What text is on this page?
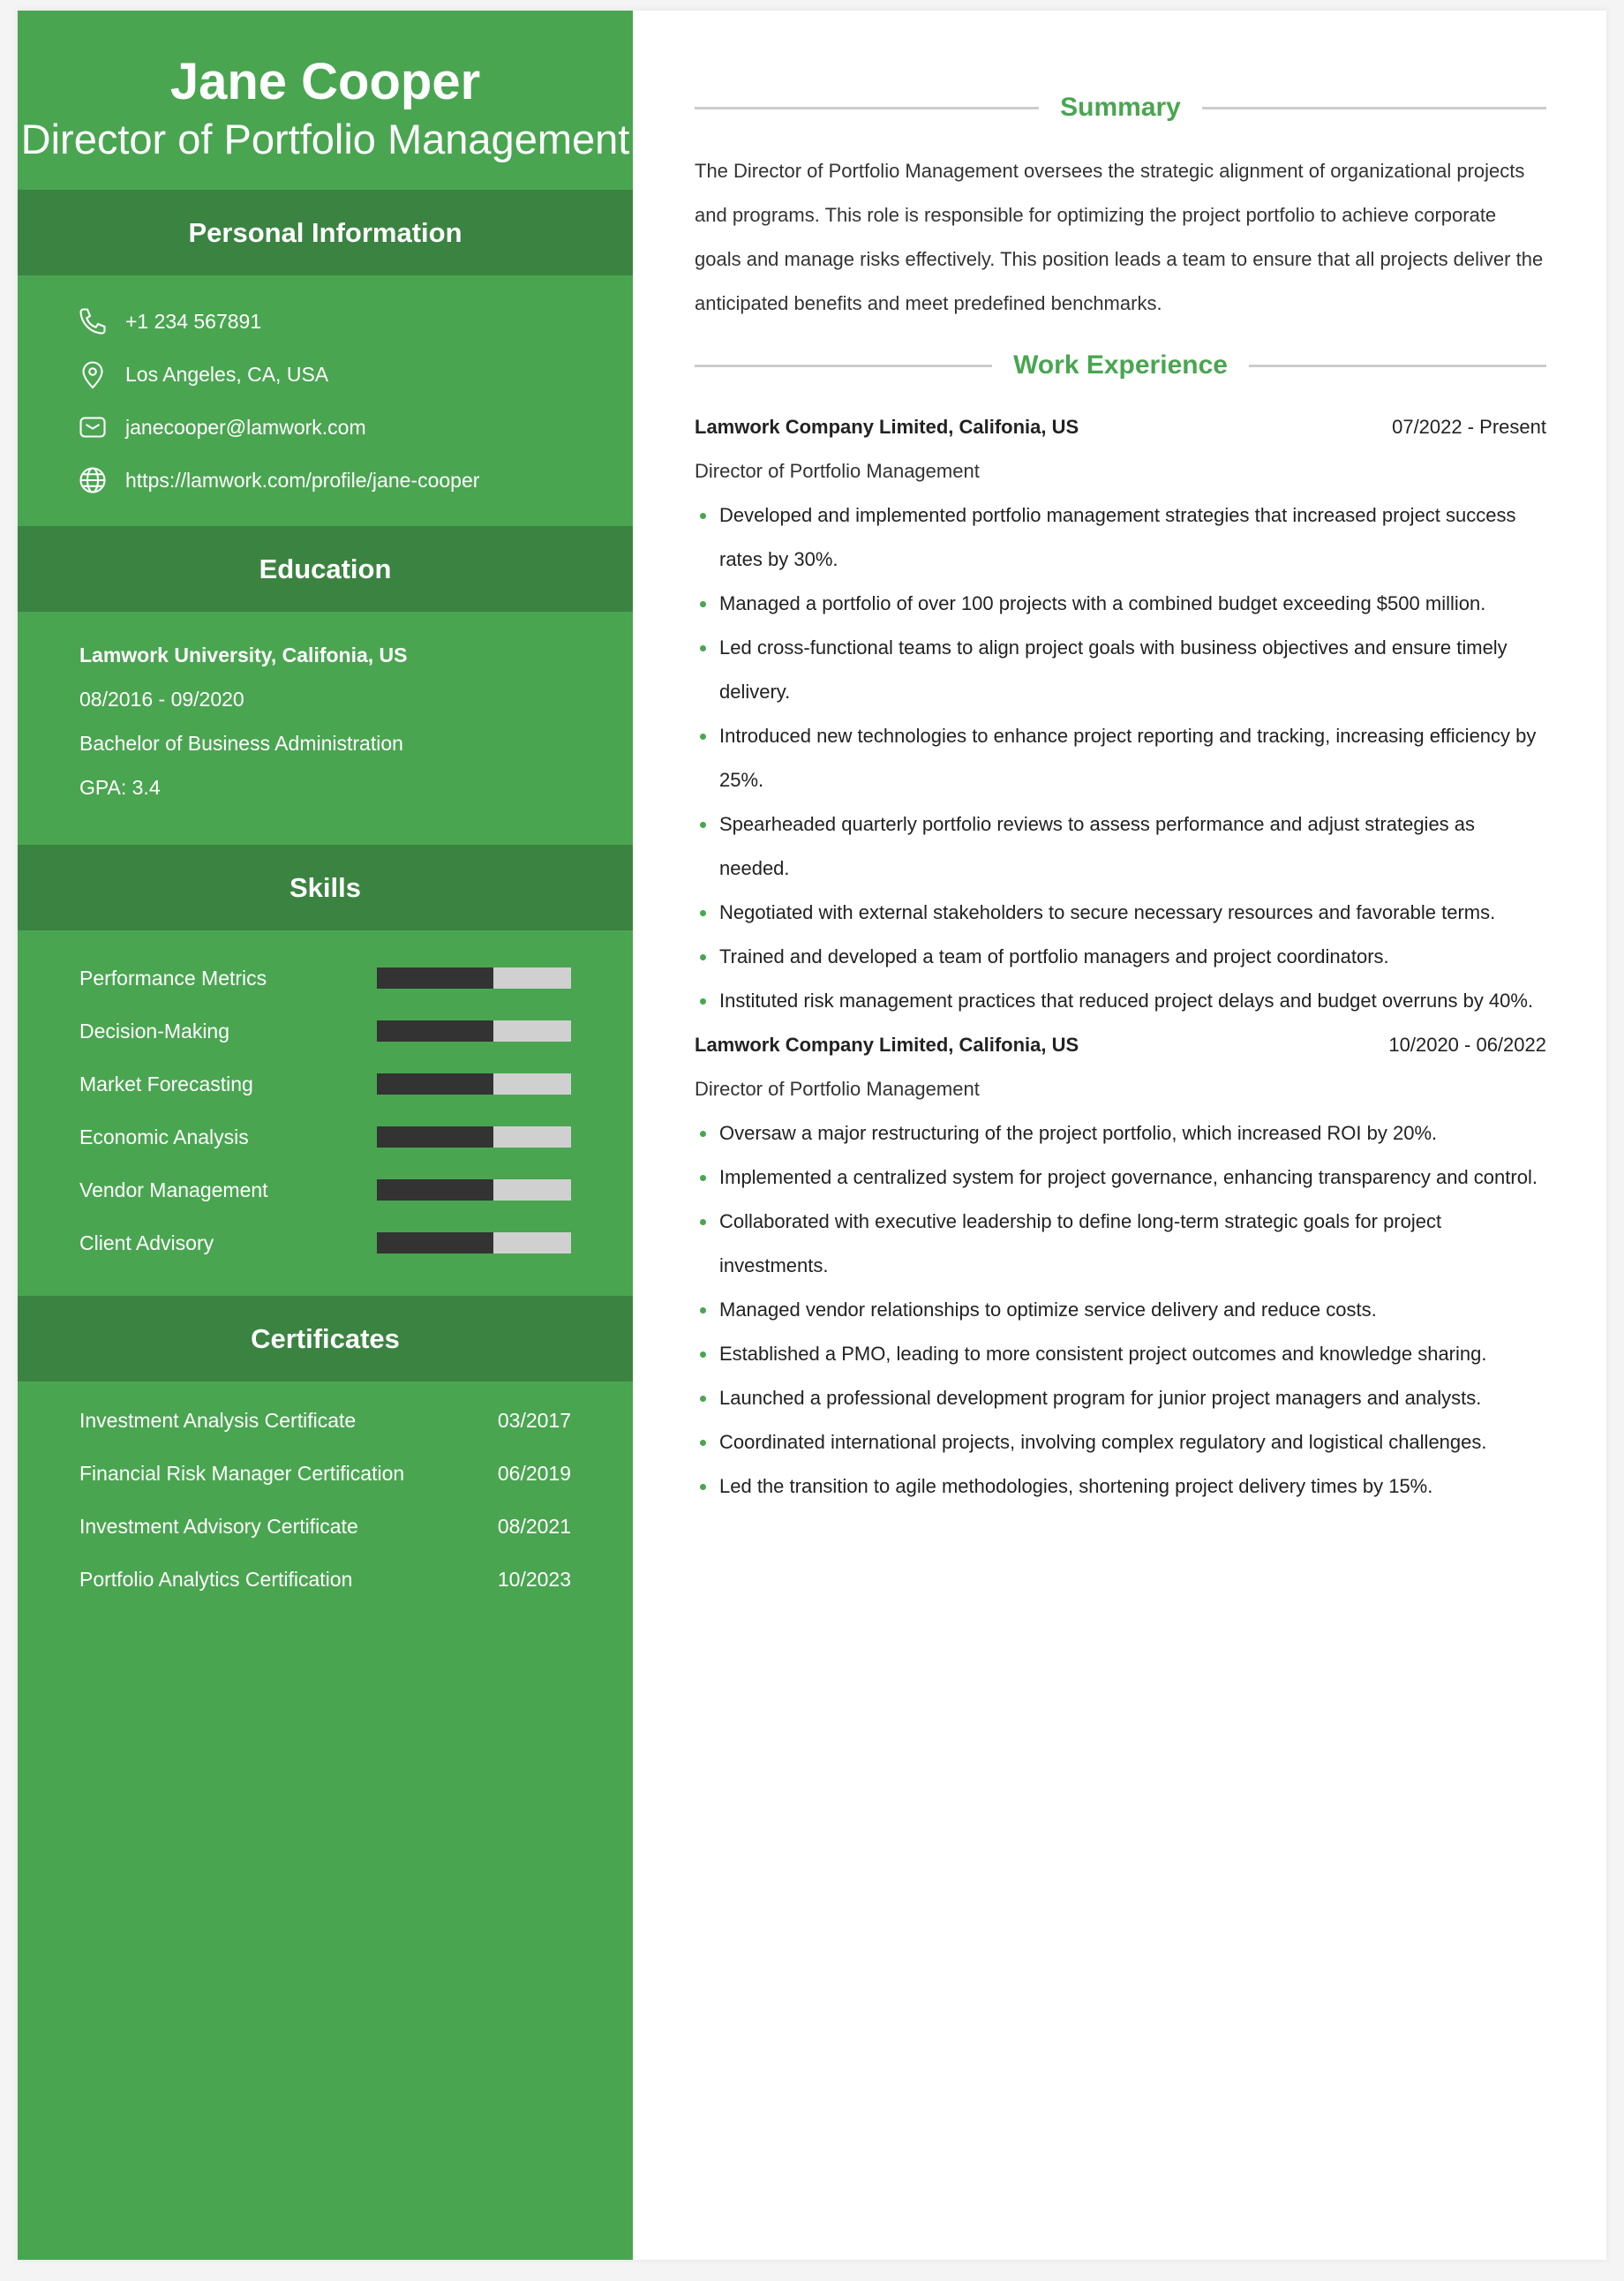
Jane Cooper
Director of Portfolio Management
Personal Information
+1 234 567891
Los Angeles, CA, USA
janecooper@lamwork.com
https://lamwork.com/profile/jane-cooper
Education
Lamwork University, Califonia, US
08/2016 - 09/2020
Bachelor of Business Administration
GPA: 3.4
Skills
Performance Metrics
Decision-Making
Market Forecasting
Economic Analysis
Vendor Management
Client Advisory
Certificates
Investment Analysis Certificate	03/2017
Financial Risk Manager Certification	06/2019
Investment Advisory Certificate	08/2021
Portfolio Analytics Certification	10/2023
Summary
The Director of Portfolio Management oversees the strategic alignment of organizational projects and programs. This role is responsible for optimizing the project portfolio to achieve corporate goals and manage risks effectively. This position leads a team to ensure that all projects deliver the anticipated benefits and meet predefined benchmarks.
Work Experience
Lamwork Company Limited, Califonia, US	07/2022 - Present
Director of Portfolio Management
Developed and implemented portfolio management strategies that increased project success rates by 30%.
Managed a portfolio of over 100 projects with a combined budget exceeding $500 million.
Led cross-functional teams to align project goals with business objectives and ensure timely delivery.
Introduced new technologies to enhance project reporting and tracking, increasing efficiency by 25%.
Spearheaded quarterly portfolio reviews to assess performance and adjust strategies as needed.
Negotiated with external stakeholders to secure necessary resources and favorable terms.
Trained and developed a team of portfolio managers and project coordinators.
Instituted risk management practices that reduced project delays and budget overruns by 40%.
Lamwork Company Limited, Califonia, US	10/2020 - 06/2022
Director of Portfolio Management
Oversaw a major restructuring of the project portfolio, which increased ROI by 20%.
Implemented a centralized system for project governance, enhancing transparency and control.
Collaborated with executive leadership to define long-term strategic goals for project investments.
Managed vendor relationships to optimize service delivery and reduce costs.
Established a PMO, leading to more consistent project outcomes and knowledge sharing.
Launched a professional development program for junior project managers and analysts.
Coordinated international projects, involving complex regulatory and logistical challenges.
Led the transition to agile methodologies, shortening project delivery times by 15%.
